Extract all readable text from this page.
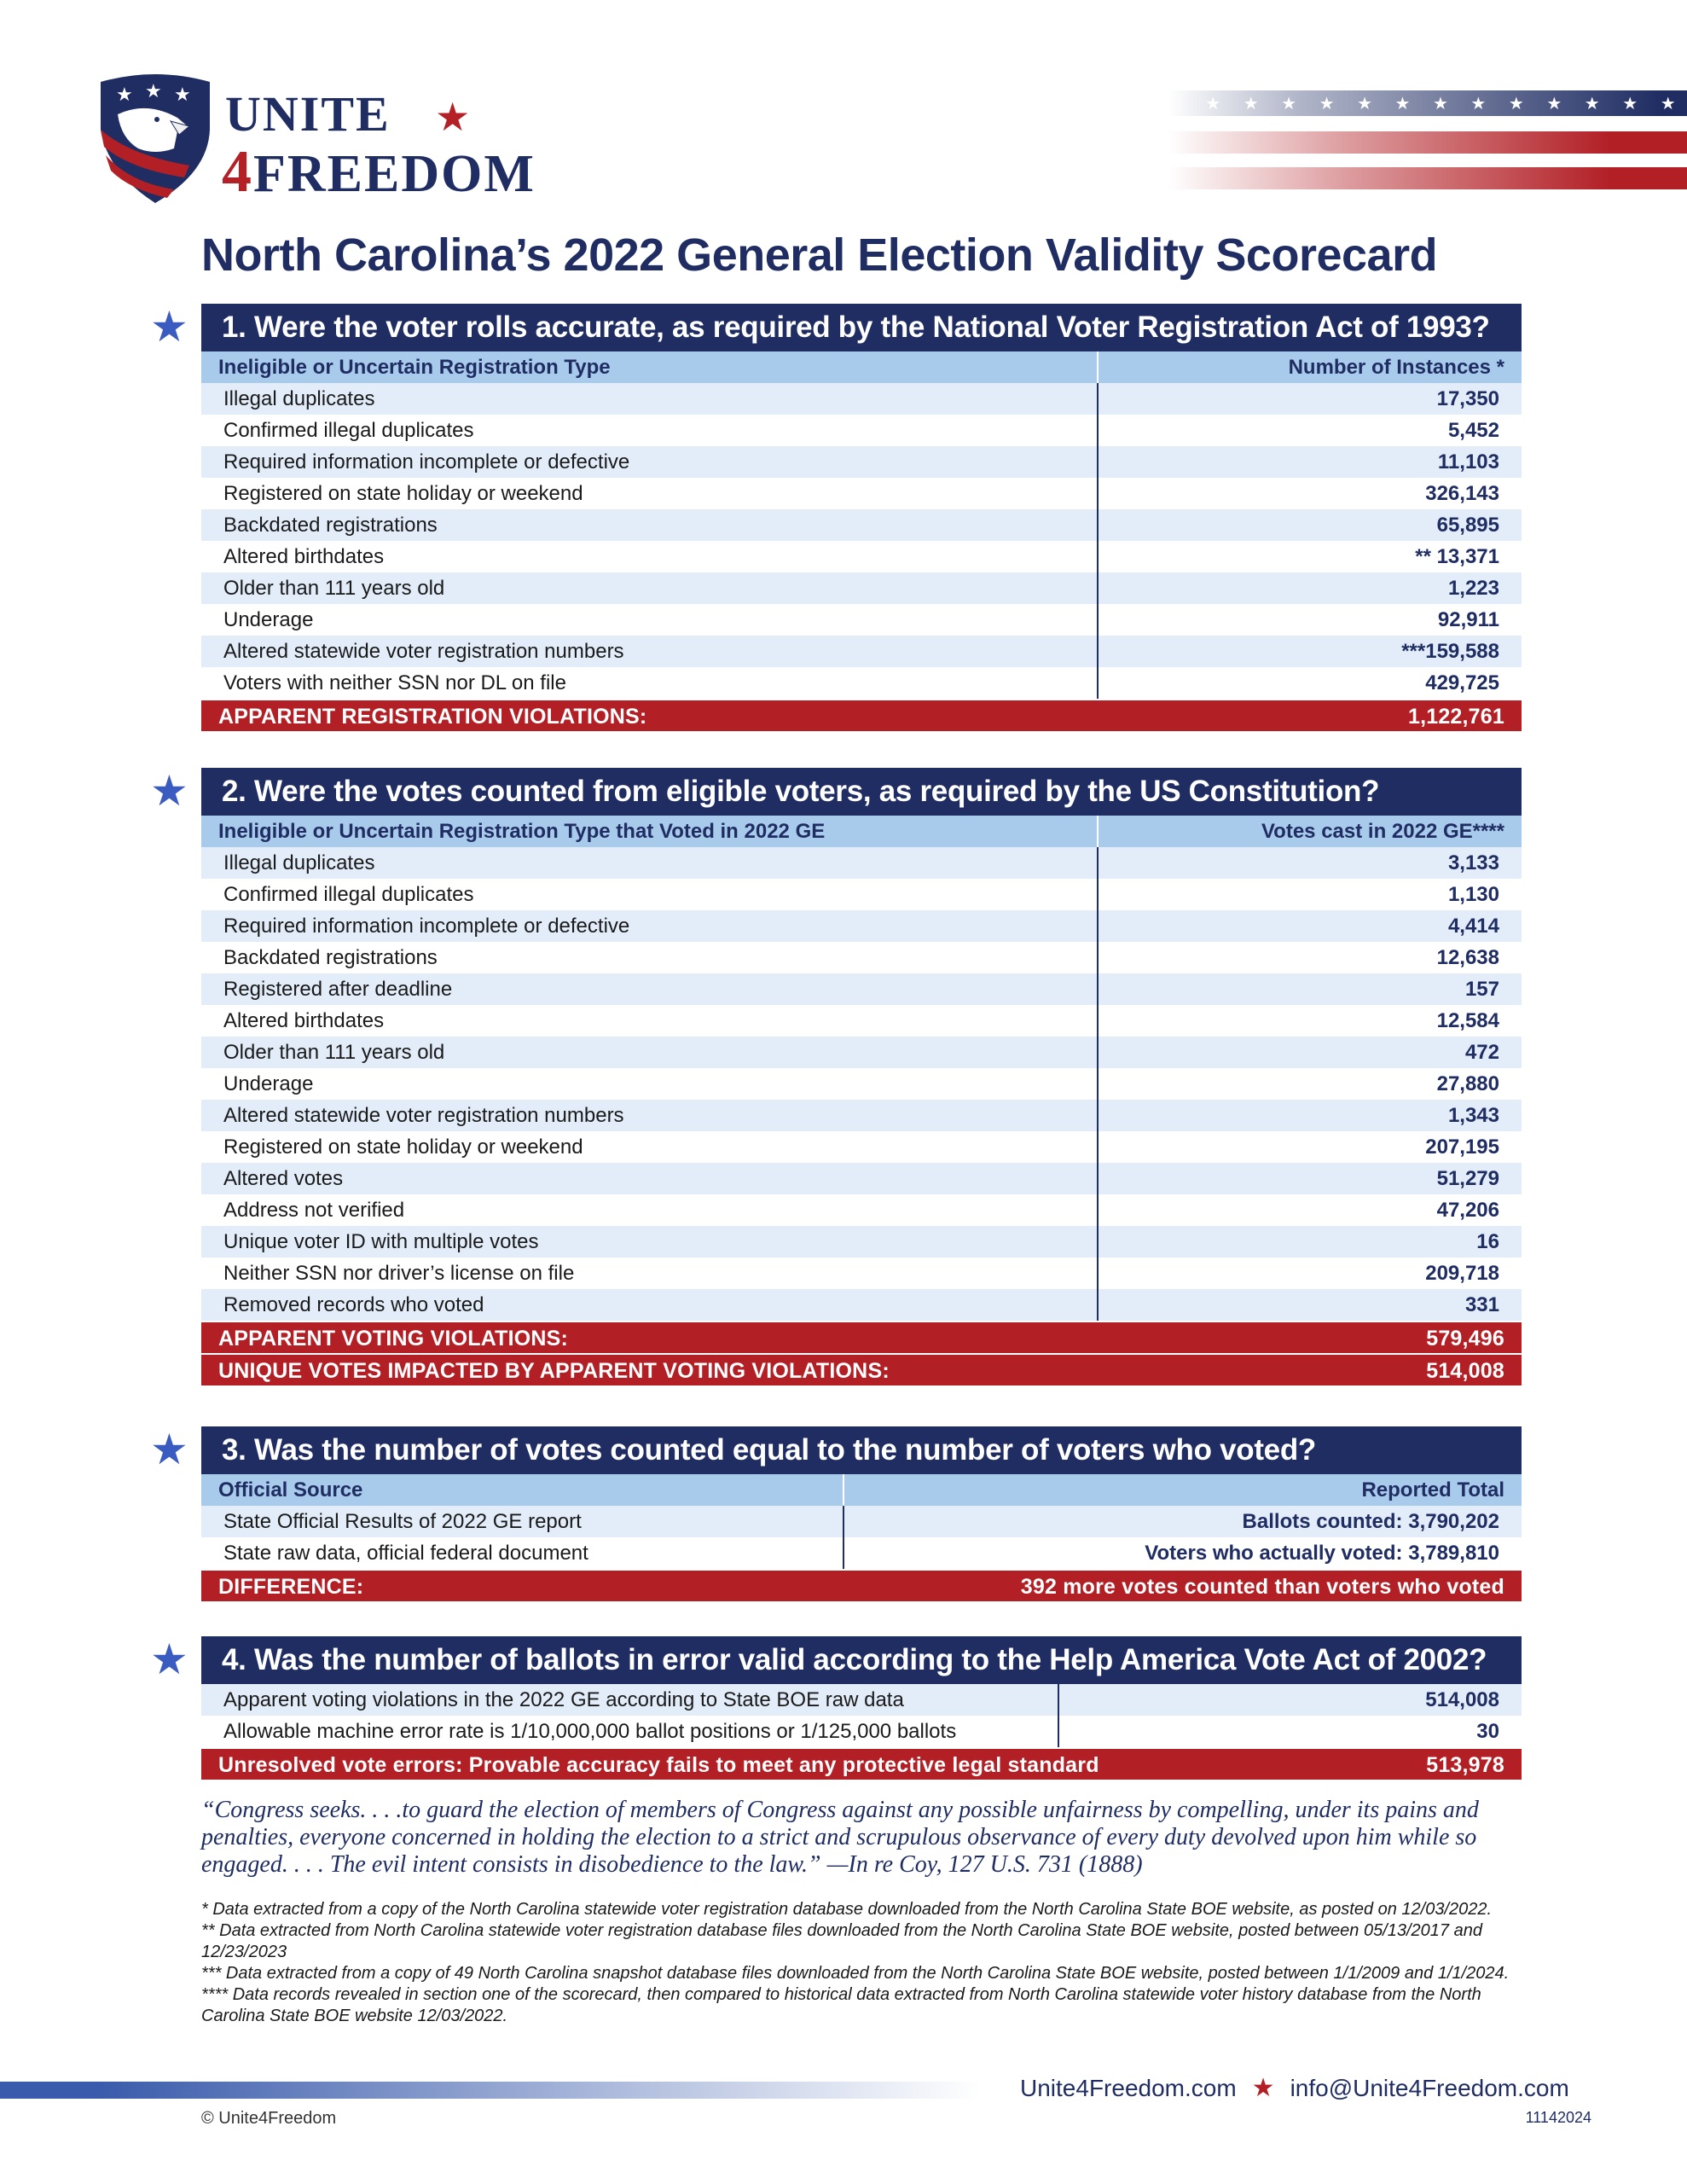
★ ★ ★ UNITE ★
4FREEDOM
★ ★ ★ ★ ★ ★ ★ ★ ★ ★ ★ ★ ★
North Carolina’s 2022 General Election Validity Scorecard
★	1. Were the voter rolls accurate, as required by the National Voter Registration Act of 1993?
Ineligible or Uncertain Registration Type	Number of Instances *
Illegal duplicates	17,350
Confirmed illegal duplicates	5,452
Required information incomplete or defective	11,103
Registered on state holiday or weekend	326,143
Backdated registrations	65,895
Altered birthdates	** 13,371
Older than 111 years old	1,223
Underage	92,911
Altered statewide voter registration numbers	***159,588
Voters with neither SSN nor DL on file	429,725
APPARENT REGISTRATION VIOLATIONS:	1,122,761
★	2. Were the votes counted from eligible voters, as required by the US Constitution?
Ineligible or Uncertain Registration Type that Voted in 2022 GE	Votes cast in 2022 GE****
Illegal duplicates	3,133
Confirmed illegal duplicates	1,130
Required information incomplete or defective	4,414
Backdated registrations	12,638
Registered after deadline	157
Altered birthdates	12,584
Older than 111 years old	472
Underage	27,880
Altered statewide voter registration numbers	1,343
Registered on state holiday or weekend	207,195
Altered votes	51,279
Address not verified	47,206
Unique voter ID with multiple votes	16
Neither SSN nor driver’s license on file	209,718
Removed records who voted	331
APPARENT VOTING VIOLATIONS:	579,496
UNIQUE VOTES IMPACTED BY APPARENT VOTING VIOLATIONS:	514,008
★	3. Was the number of votes counted equal to the number of voters who voted?
Official Source	Reported Total
State Official Results of 2022 GE report	Ballots counted: 3,790,202
State raw data, official federal document	Voters who actually voted: 3,789,810
DIFFERENCE:	392 more votes counted than voters who voted
★	4. Was the number of ballots in error valid according to the Help America Vote Act of 2002?
Apparent voting violations in the 2022 GE according to State BOE raw data	514,008
Allowable machine error rate is 1/10,000,000 ballot positions or 1/125,000 ballots	30
Unresolved vote errors: Provable accuracy fails to meet any protective legal standard	513,978

“Congress seeks. . . .to guard the election of members of Congress against any possible unfairness by compelling, under its pains and penalties, everyone concerned in holding the election to a strict and scrupulous observance of every duty devolved upon him while so engaged. . . . The evil intent consists in disobedience to the law.” —In re Coy, 127 U.S. 731 (1888)

* Data extracted from a copy of the North Carolina statewide voter registration database downloaded from the North Carolina State BOE website, as posted on 12/03/2022.

** Data extracted from North Carolina statewide voter registration database files downloaded from the North Carolina State BOE website, posted between 05/13/2017 and 12/23/2023

*** Data extracted from a copy of 49 North Carolina snapshot database files downloaded from the North Carolina State BOE website, posted between 1/1/2009 and 1/1/2024.

**** Data records revealed in section one of the scorecard, then compared to historical data extracted from North Carolina statewide voter history database from the North Carolina State BOE website 12/03/2022.

Unite4Freedom.com ★ info@Unite4Freedom.com
© Unite4Freedom	11142024
